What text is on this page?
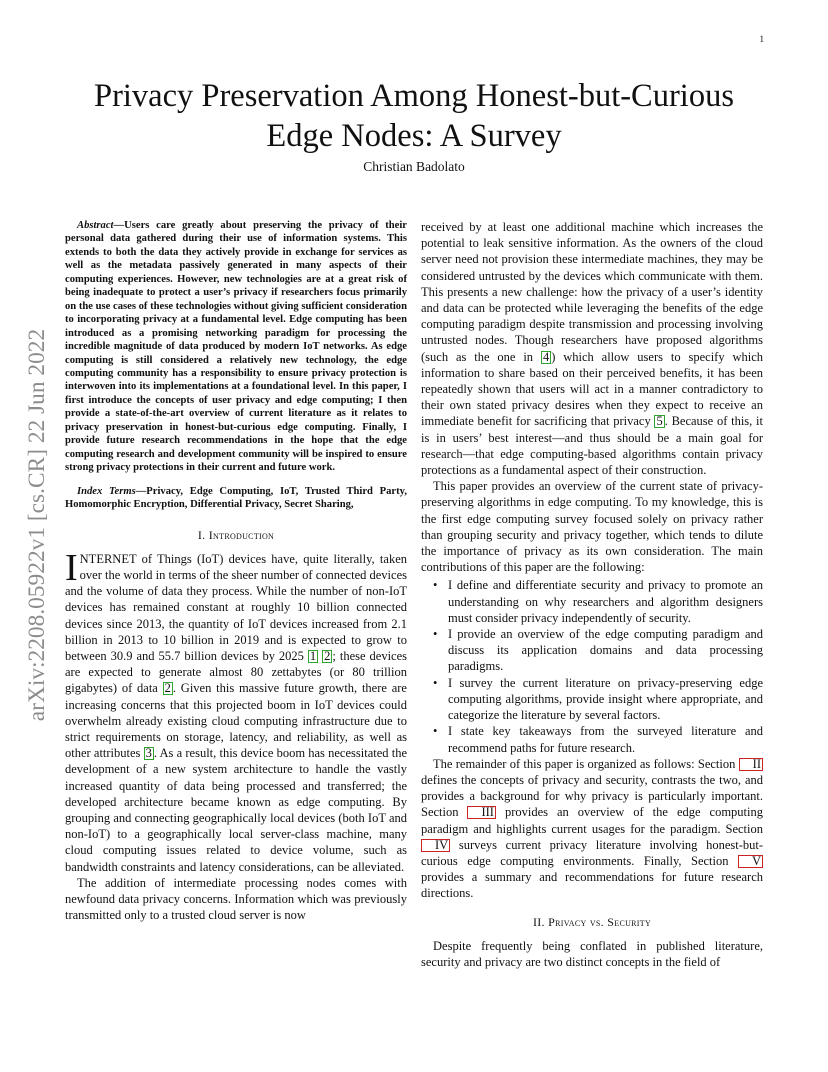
1
arXiv:2208.05922v1 [cs.CR] 22 Jun 2022
Privacy Preservation Among Honest-but-Curious Edge Nodes: A Survey
Christian Badolato

Abstract—Users care greatly about preserving the privacy of their personal data gathered during their use of information systems. This extends to both the data they actively provide in exchange for services as well as the metadata passively generated in many aspects of their computing experiences. However, new technologies are at a great risk of being inadequate to protect a user’s privacy if researchers focus primarily on the use cases of these technologies without giving sufficient consideration to incorporating privacy at a fundamental level. Edge computing has been introduced as a promising networking paradigm for processing the incredible magnitude of data produced by modern IoT networks. As edge computing is still considered a relatively new technology, the edge computing community has a responsibility to ensure privacy protection is interwoven into its implementations at a foundational level. In this paper, I first introduce the concepts of user privacy and edge computing; I then provide a state-of-the-art overview of current literature as it relates to privacy preservation in honest-but-curious edge computing. Finally, I provide future research recommendations in the hope that the edge computing research and development community will be inspired to ensure strong privacy protections in their current and future work.

Index Terms—Privacy, Edge Computing, IoT, Trusted Third Party, Homomorphic Encryption, Differential Privacy, Secret Sharing,

I. Introduction

INTERNET of Things (IoT) devices have, quite literally, taken over the world in terms of the sheer number of connected devices and the volume of data they process. While the number of non-IoT devices has remained constant at roughly 10 billion connected devices since 2013, the quantity of IoT devices increased from 2.1 billion in 2013 to 10 billion in 2019 and is expected to grow to between 30.9 and 55.7 billion devices by 2025 1 2 ; these devices are expected to generate almost 80 zettabytes (or 80 trillion gigabytes) of data 2 . Given this massive future growth, there are increasing concerns that this projected boom in IoT devices could overwhelm already existing cloud computing infrastructure due to strict requirements on storage, latency, and reliability, as well as other attributes 3 . As a result, this device boom has necessitated the development of a new system architecture to handle the vastly increased quantity of data being processed and transferred; the developed architecture became known as edge computing. By grouping and connecting geographically local devices (both IoT and non-IoT) to a geographically local server-class machine, many cloud computing issues related to device volume, such as bandwidth constraints and latency considerations, can be alleviated.

The addition of intermediate processing nodes comes with newfound data privacy concerns. Information which was previously transmitted only to a trusted cloud server is now

received by at least one additional machine which increases the potential to leak sensitive information. As the owners of the cloud server need not provision these intermediate machines, they may be considered untrusted by the devices which communicate with them. This presents a new challenge: how the privacy of a user’s identity and data can be protected while leveraging the benefits of the edge computing paradigm despite transmission and processing involving untrusted nodes. Though researchers have proposed algorithms (such as the one in 4 ) which allow users to specify which information to share based on their perceived benefits, it has been repeatedly shown that users will act in a manner contradictory to their own stated privacy desires when they expect to receive an immediate benefit for sacrificing that privacy 5 . Because of this, it is in users’ best interest—and thus should be a main goal for research—that edge computing-based algorithms contain privacy protections as a fundamental aspect of their construction.

This paper provides an overview of the current state of privacy-preserving algorithms in edge computing. To my knowledge, this is the first edge computing survey focused solely on privacy rather than grouping security and privacy together, which tends to dilute the importance of privacy as its own consideration. The main contributions of this paper are the following:

• I define and differentiate security and privacy to promote an understanding on why researchers and algorithm designers must consider privacy independently of security.
• I provide an overview of the edge computing paradigm and discuss its application domains and data processing paradigms.
• I survey the current literature on privacy-preserving edge computing algorithms, provide insight where appropriate, and categorize the literature by several factors.
• I state key takeaways from the surveyed literature and recommend paths for future research.

The remainder of this paper is organized as follows: Section II defines the concepts of privacy and security, contrasts the two, and provides a background for why privacy is particularly important. Section III provides an overview of the edge computing paradigm and highlights current usages for the paradigm. Section IV surveys current privacy literature involving honest-but-curious edge computing environments. Finally, Section V provides a summary and recommendations for future research directions.

II. Privacy vs. Security

Despite frequently being conflated in published literature, security and privacy are two distinct concepts in the field of
